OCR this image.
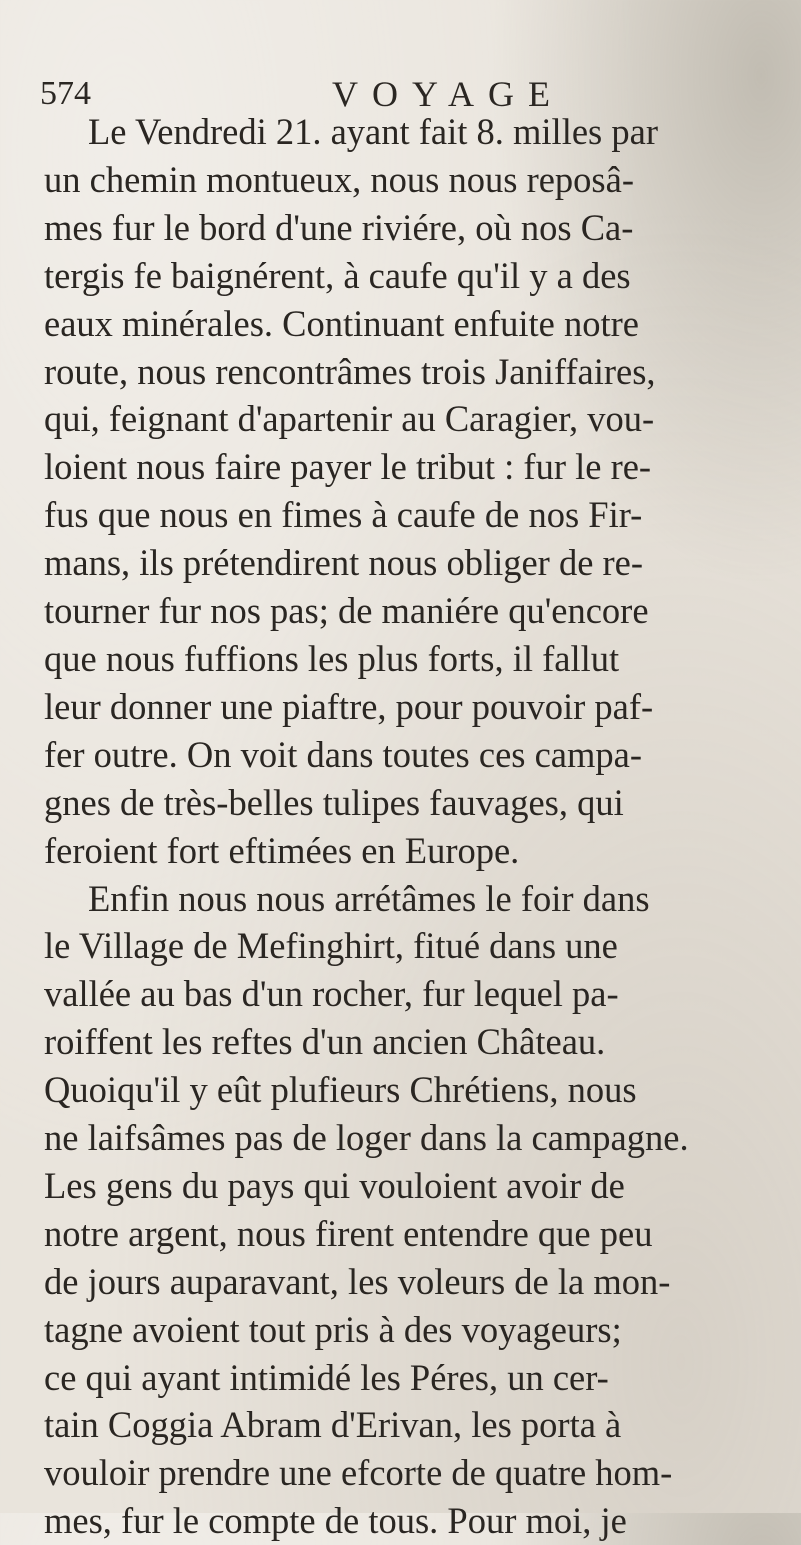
574	VOYAGE
Le Vendredi 21. ayant fait 8. milles par
un chemin montueux, nous nous reposâ-
mes fur le bord d'une riviére, où nos Ca-
tergis fe baignérent, à caufe qu'il y a des
eaux minérales. Continuant enfuite notre
route, nous rencontrâmes trois Janiffaires,
qui, feignant d'apartenir au Caragier, vou-
loient nous faire payer le tribut : fur le re-
fus que nous en fimes à caufe de nos Fir-
mans, ils prétendirent nous obliger de re-
tourner fur nos pas; de maniére qu'encore
que nous fuffions les plus forts, il fallut
leur donner une piaftre, pour pouvoir paf-
fer outre. On voit dans toutes ces campa-
gnes de très-belles tulipes fauvages, qui
feroient fort eftimées en Europe.
Enfin nous nous arrétâmes le foir dans
le Village de Mefinghirt, fitué dans une
vallée au bas d'un rocher, fur lequel pa-
roiffent les reftes d'un ancien Château.
Quoiqu'il y eût plufieurs Chrétiens, nous
ne laifsâmes pas de loger dans la campagne.
Les gens du pays qui vouloient avoir de
notre argent, nous firent entendre que peu
de jours auparavant, les voleurs de la mon-
tagne avoient tout pris à des voyageurs;
ce qui ayant intimidé les Péres, un cer-
tain Coggia Abram d'Erivan, les porta à
vouloir prendre une efcorte de quatre hom-
mes, fur le compte de tous. Pour moi, je
